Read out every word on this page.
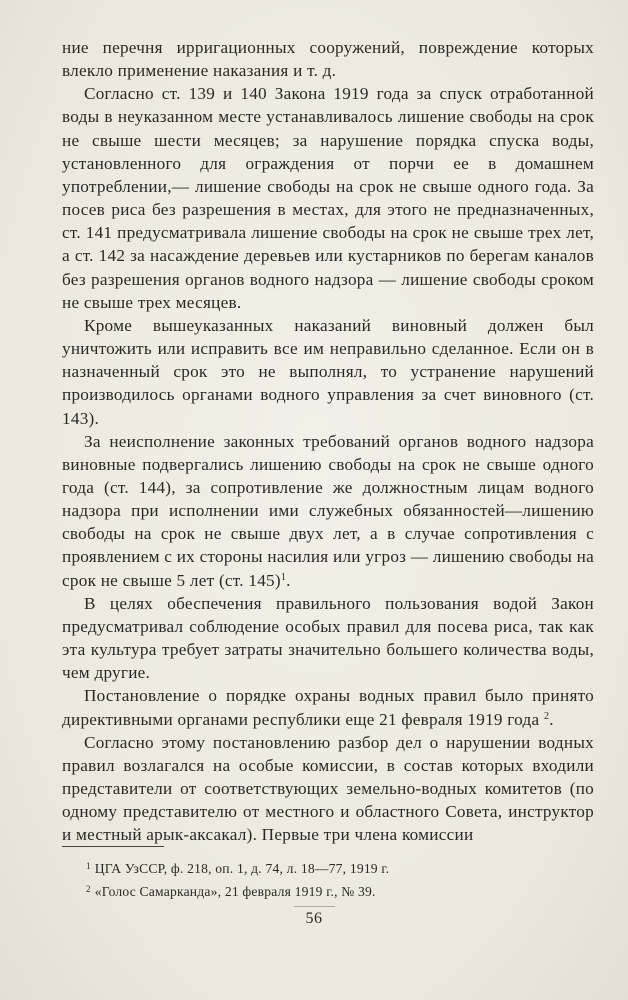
ние перечня ирригационных сооружений, повреждение которых влекло применение наказания и т. д.

Согласно ст. 139 и 140 Закона 1919 года за спуск отработанной воды в неуказанном месте устанавливалось лишение свободы на срок не свыше шести месяцев; за нарушение порядка спуска воды, установленного для ограждения от порчи ее в домашнем употреблении,— лишение свободы на срок не свыше одного года. За посев риса без разрешения в местах, для этого не предназначенных, ст. 141 предусматривала лишение свободы на срок не свыше трех лет, а ст. 142 за насаждение деревьев или кустарников по берегам каналов без разрешения органов водного надзора — лишение свободы сроком не свыше трех месяцев.

Кроме вышеуказанных наказаний виновный должен был уничтожить или исправить все им неправильно сделанное. Если он в назначенный срок это не выполнял, то устранение нарушений производилось органами водного управления за счет виновного (ст. 143).

За неисполнение законных требований органов водного надзора виновные подвергались лишению свободы на срок не свыше одного года (ст. 144), за сопротивление же должностным лицам водного надзора при исполнении ими служебных обязанностей—лишению свободы на срок не свыше двух лет, а в случае сопротивления с проявлением с их стороны насилия или угроз — лишению свободы на срок не свыше 5 лет (ст. 145)$^1$.

В целях обеспечения правильного пользования водой Закон предусматривал соблюдение особых правил для посева риса, так как эта культура требует затраты значительно большего количества воды, чем другие.

Постановление о порядке охраны водных правил было принято директивными органами республики еще 21 февраля 1919 года $^2$.

Согласно этому постановлению разбор дел о нарушении водных правил возлагался на особые комиссии, в состав которых входили представители от соответствующих земельно-водных комитетов (по одному представителю от местного и областного Совета, инструктор и местный арык-аксакал). Первые три члена комиссии

$^1$ ЦГА УзССР, ф. 218, оп. 1, д. 74, л. 18—77, 1919 г.
$^2$ «Голос Самарканда», 21 февраля 1919 г., № 39.
56
